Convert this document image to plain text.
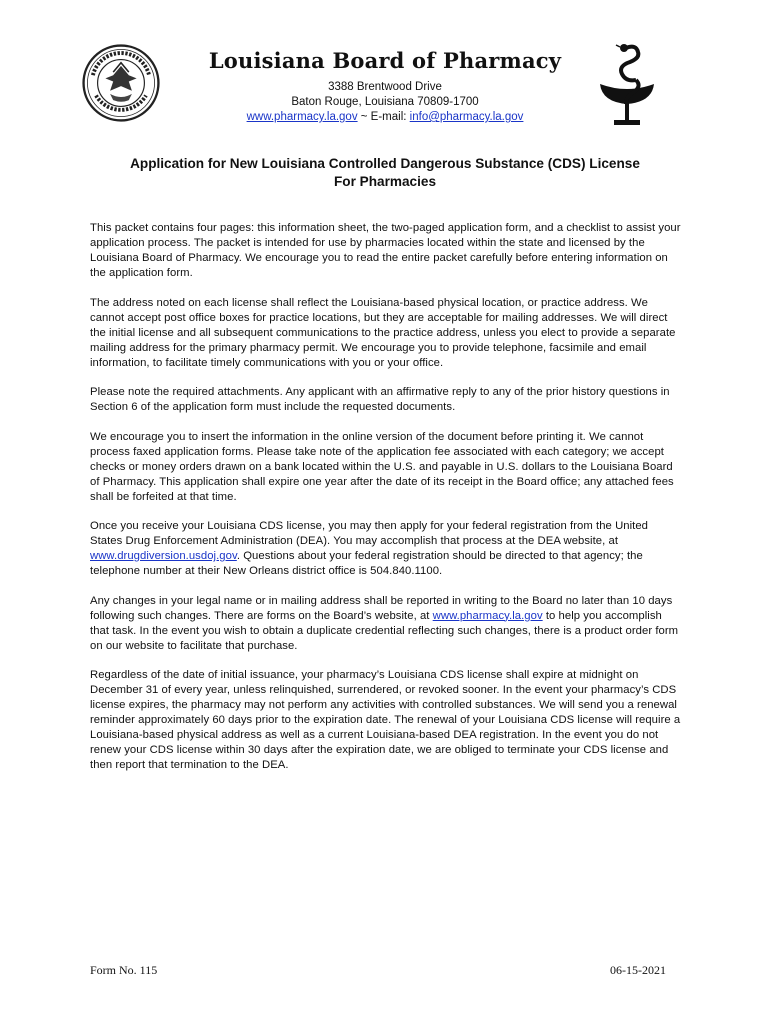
Louisiana Board of Pharmacy

3388 Brentwood Drive

Baton Rouge, Louisiana 70809-1700

www.pharmacy.la.gov ~ E-mail: info@pharmacy.la.gov

Application for New Louisiana Controlled Dangerous Substance (CDS) License
For Pharmacies

This packet contains four pages: this information sheet, the two-paged application form, and a checklist to assist your application process. The packet is intended for use by pharmacies located within the state and licensed by the Louisiana Board of Pharmacy. We encourage you to read the entire packet carefully before entering information on the application form.

The address noted on each license shall reflect the Louisiana-based physical location, or practice address. We cannot accept post office boxes for practice locations, but they are acceptable for mailing addresses. We will direct the initial license and all subsequent communications to the practice address, unless you elect to provide a separate mailing address for the primary pharmacy permit. We encourage you to provide telephone, facsimile and email information, to facilitate timely communications with you or your office.

Please note the required attachments. Any applicant with an affirmative reply to any of the prior history questions in Section 6 of the application form must include the requested documents.

We encourage you to insert the information in the online version of the document before printing it. We cannot process faxed application forms. Please take note of the application fee associated with each category; we accept checks or money orders drawn on a bank located within the U.S. and payable in U.S. dollars to the Louisiana Board of Pharmacy. This application shall expire one year after the date of its receipt in the Board office; any attached fees shall be forfeited at that time.

Once you receive your Louisiana CDS license, you may then apply for your federal registration from the United States Drug Enforcement Administration (DEA). You may accomplish that process at the DEA website, at www.drugdiversion.usdoj.gov. Questions about your federal registration should be directed to that agency; the telephone number at their New Orleans district office is 504.840.1100.

Any changes in your legal name or in mailing address shall be reported in writing to the Board no later than 10 days following such changes. There are forms on the Board’s website, at www.pharmacy.la.gov to help you accomplish that task. In the event you wish to obtain a duplicate credential reflecting such changes, there is a product order form on our website to facilitate that purchase.

Regardless of the date of initial issuance, your pharmacy’s Louisiana CDS license shall expire at midnight on December 31 of every year, unless relinquished, surrendered, or revoked sooner. In the event your pharmacy’s CDS license expires, the pharmacy may not perform any activities with controlled substances. We will send you a renewal reminder approximately 60 days prior to the expiration date. The renewal of your Louisiana CDS license will require a Louisiana-based physical address as well as a current Louisiana-based DEA registration. In the event you do not renew your CDS license within 30 days after the expiration date, we are obliged to terminate your CDS license and then report that termination to the DEA.

Form No. 115	06-15-2021
